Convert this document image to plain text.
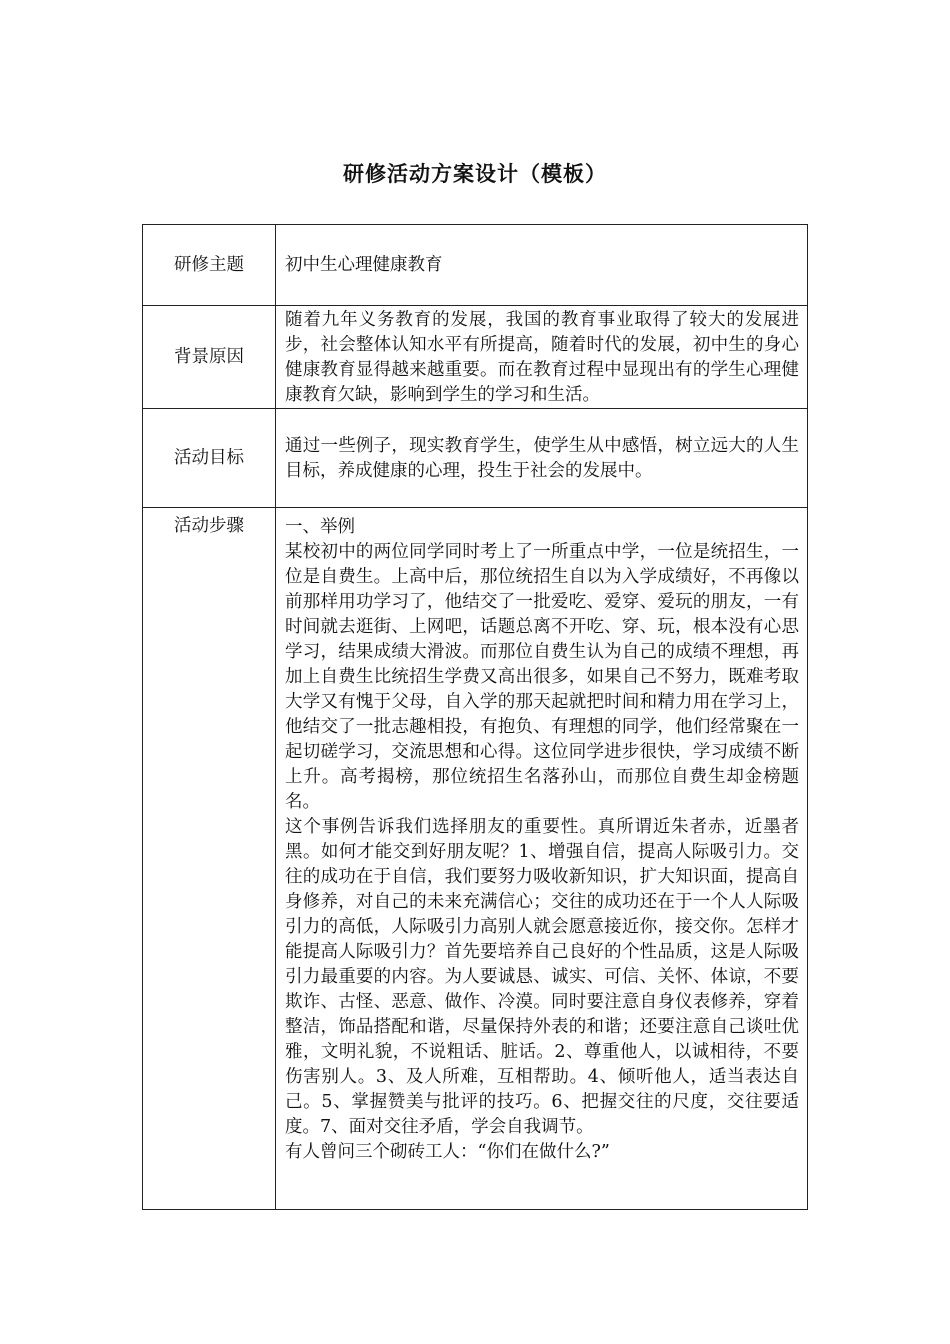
研修活动方案设计（模板）
研修主题	初中生心理健康教育
背景原因	随着九年义务教育的发展，我国的教育事业取得了较大的发展进步，社会整体认知水平有所提高，随着时代的发展，初中生的身心健康教育显得越来越重要。而在教育过程中显现出有的学生心理健康教育欠缺，影响到学生的学习和生活。
活动目标	通过一些例子，现实教育学生，使学生从中感悟，树立远大的人生目标，养成健康的心理，投生于社会的发展中。
活动步骤	一、举例

某校初中的两位同学同时考上了一所重点中学，一位是统招生，一位是自费生。上高中后，那位统招生自以为入学成绩好，不再像以前那样用功学习了，他结交了一批爱吃、爱穿、爱玩的朋友，一有时间就去逛街、上网吧，话题总离不开吃、穿、玩，根本没有心思学习，结果成绩大滑波。而那位自费生认为自己的成绩不理想，再加上自费生比统招生学费又高出很多，如果自己不努力，既难考取大学又有愧于父母，自入学的那天起就把时间和精力用在学习上，他结交了一批志趣相投，有抱负、有理想的同学，他们经常聚在一起切磋学习，交流思想和心得。这位同学进步很快，学习成绩不断上升。高考揭榜，那位统招生名落孙山，而那位自费生却金榜题名。

这个事例告诉我们选择朋友的重要性。真所谓近朱者赤，近墨者黑。如何才能交到好朋友呢？1、增强自信，提高人际吸引力。交往的成功在于自信，我们要努力吸收新知识，扩大知识面，提高自身修养，对自己的未来充满信心；交往的成功还在于一个人人际吸引力的高低，人际吸引力高别人就会愿意接近你，接交你。怎样才能提高人际吸引力？首先要培养自己良好的个性品质，这是人际吸引力最重要的内容。为人要诚恳、诚实、可信、关怀、体谅，不要欺诈、古怪、恶意、做作、冷漠。同时要注意自身仪表修养，穿着整洁，饰品搭配和谐，尽量保持外表的和谐；还要注意自己谈吐优雅，文明礼貌，不说粗话、脏话。2、尊重他人，以诚相待，不要伤害别人。3、及人所难，互相帮助。4、倾听他人，适当表达自己。5、掌握赞美与批评的技巧。6、把握交往的尺度，交往要适度。7、面对交往矛盾，学会自我调节。

有人曾问三个砌砖工人：“你们在做什么?”
